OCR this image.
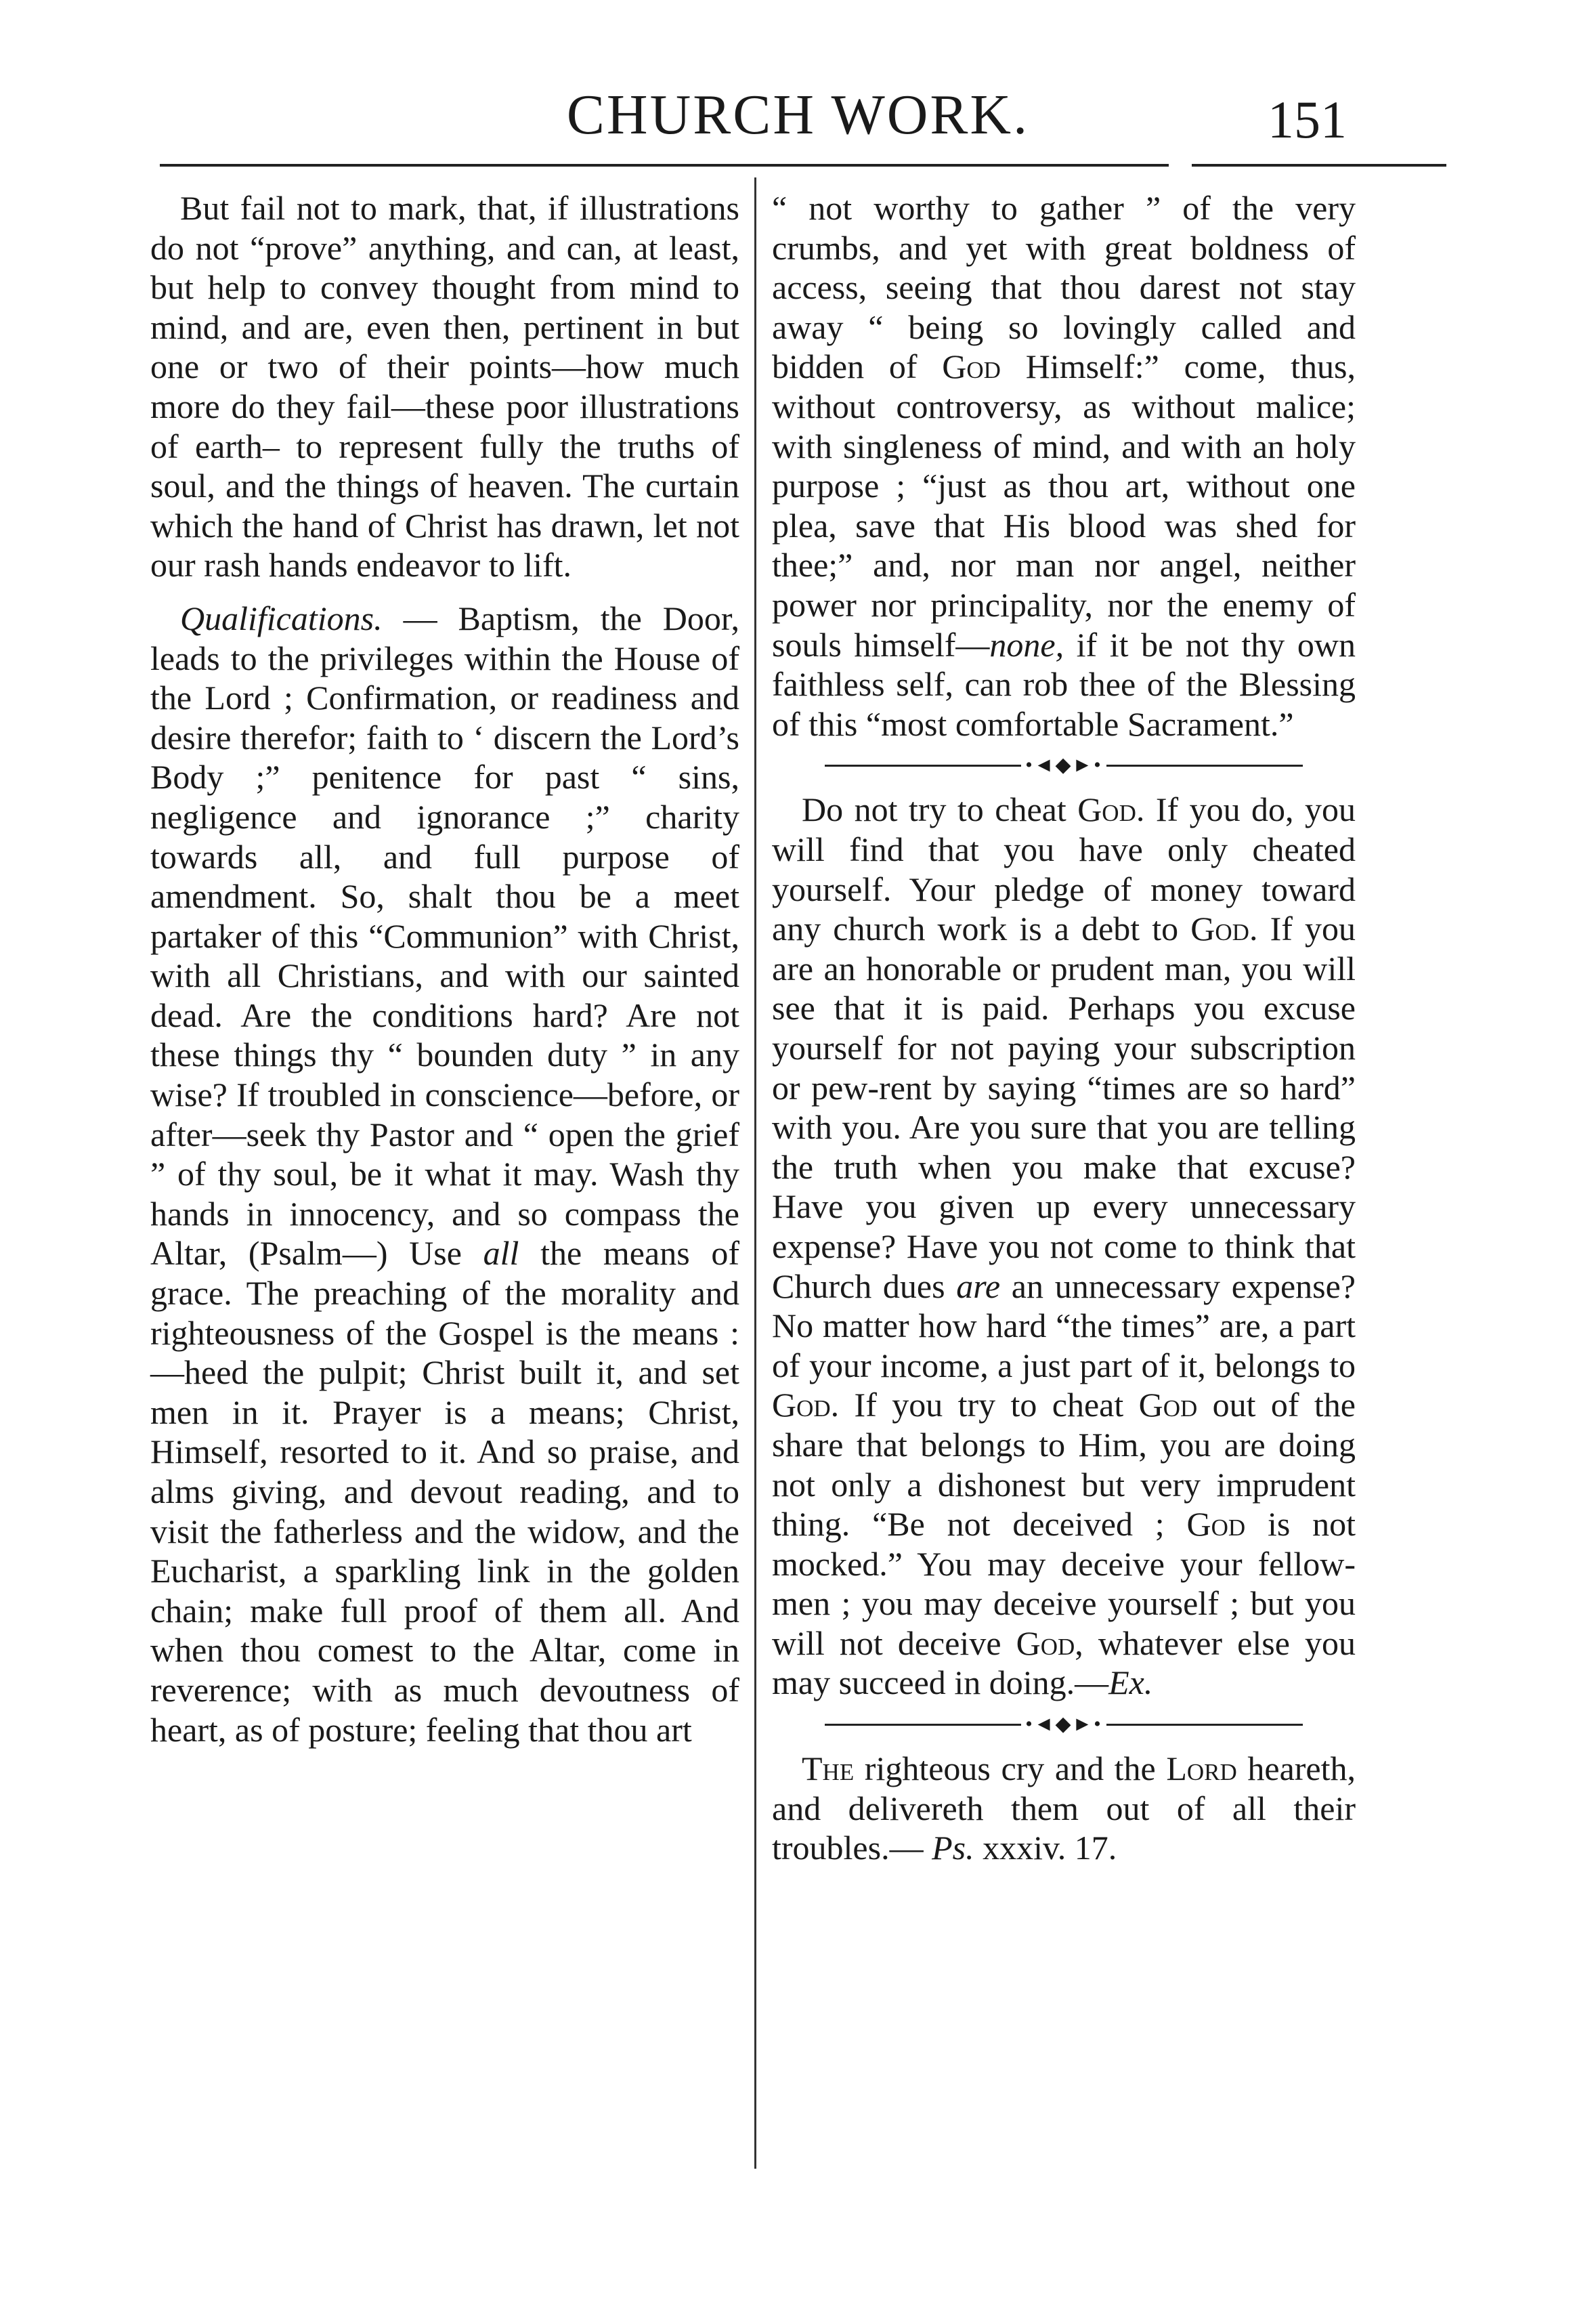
CHURCH WORK.	151

But fail not to mark, that, if illustrations do not “prove” anything, and can, at least, but help to convey thought from mind to mind, and are, even then, pertinent in but one or two of their points—how much more do they fail—these poor illustrations of earth– to represent fully the truths of soul, and the things of heaven. The curtain which the hand of Christ has drawn, let not our rash hands endeavor to lift.

Qualifications. — Baptism, the Door, leads to the privileges within the House of the Lord ; Confirmation, or readiness and desire therefor; faith to ‘ discern the Lord’s Body ;” penitence for past “ sins, negligence and ignorance ;” charity towards all, and full purpose of amendment. So, shalt thou be a meet partaker of this “Communion” with Christ, with all Christians, and with our sainted dead. Are the conditions hard? Are not these things thy “ bounden duty ” in any wise? If troubled in conscience—before, or after—seek thy Pastor and “ open the grief ” of thy soul, be it what it may. Wash thy hands in innocency, and so compass the Altar, (Psalm—) Use all the means of grace. The preaching of the morality and righteousness of the Gospel is the means :—heed the pulpit; Christ built it, and set men in it. Prayer is a means; Christ, Himself, resorted to it. And so praise, and alms giving, and devout reading, and to visit the fatherless and the widow, and the Eucharist, a sparkling link in the golden chain; make full proof of them all. And when thou comest to the Altar, come in reverence; with as much devoutness of heart, as of posture; feeling that thou art

“ not worthy to gather ” of the very crumbs, and yet with great boldness of access, seeing that thou darest not stay away “ being so lovingly called and bidden of God Himself:” come, thus, without controversy, as without malice; with singleness of mind, and with an holy purpose ; “just as thou art, without one plea, save that His blood was shed for thee;” and, nor man nor angel, neither power nor principality, nor the enemy of souls himself—none, if it be not thy own faithless self, can rob thee of the Blessing of this “most comfortable Sacrament.”

•◄◆►•

Do not try to cheat God. If you do, you will find that you have only cheated yourself. Your pledge of money toward any church work is a debt to God. If you are an honorable or prudent man, you will see that it is paid. Perhaps you excuse yourself for not paying your subscription or pew-rent by saying “times are so hard” with you. Are you sure that you are telling the truth when you make that excuse? Have you given up every unnecessary expense? Have you not come to think that Church dues are an unnecessary expense? No matter how hard “the times” are, a part of your income, a just part of it, belongs to God. If you try to cheat God out of the share that belongs to Him, you are doing not only a dishonest but very imprudent thing. “Be not deceived ; God is not mocked.” You may deceive your fellow-men ; you may deceive yourself ; but you will not deceive God, whatever else you may succeed in doing.—Ex.

•◄◆►•

The righteous cry and the Lord heareth, and delivereth them out of all their troubles.— Ps. xxxiv. 17.
